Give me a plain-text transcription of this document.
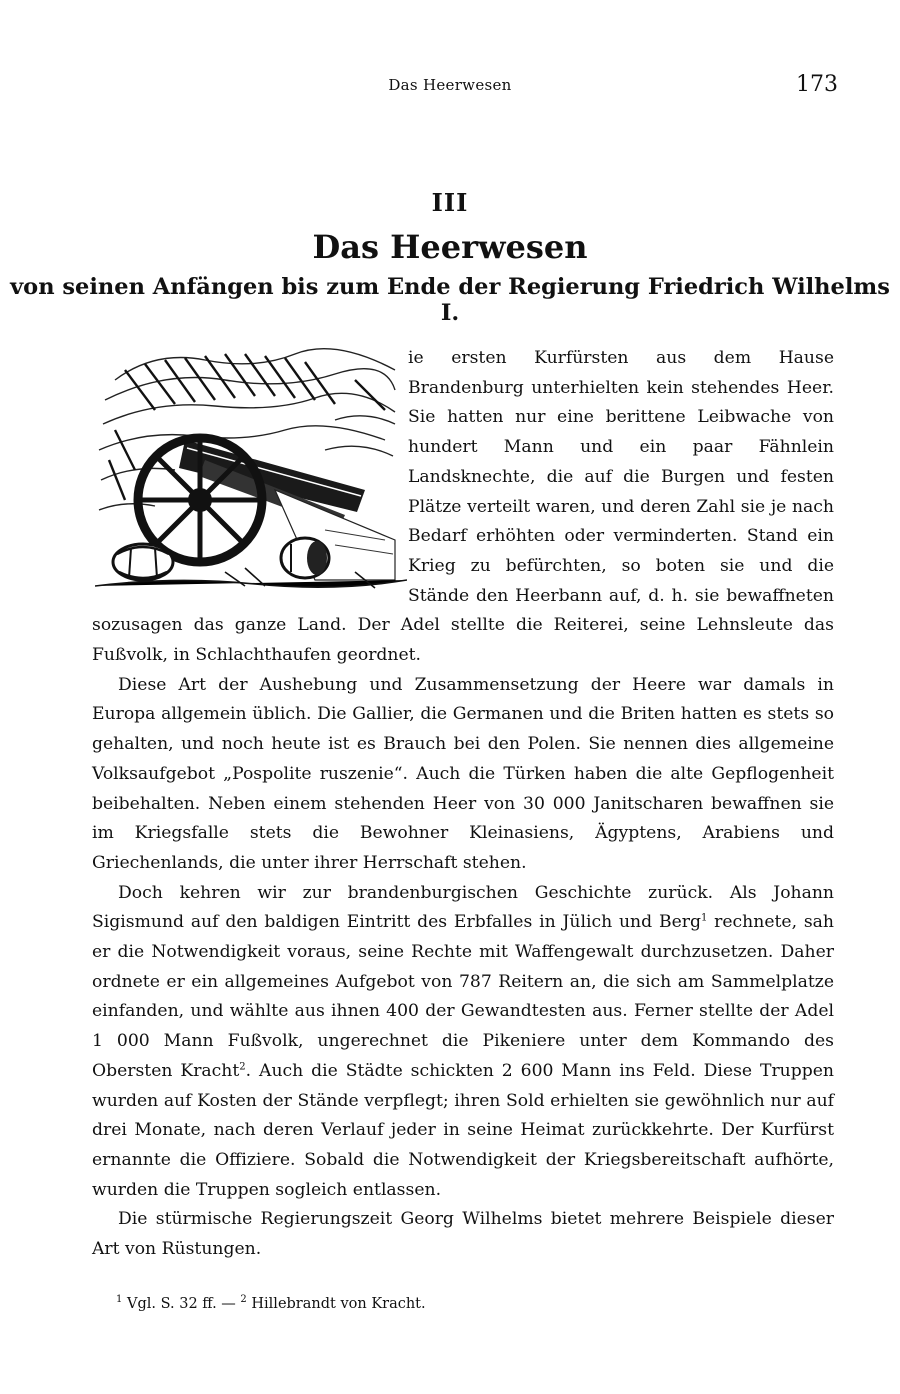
Das Heerwesen	173
III
Das Heerwesen
von seinen Anfängen bis zum Ende der Regierung Friedrich Wilhelms I.

ie ersten Kurfürsten aus dem Hause Brandenburg unterhielten kein stehendes Heer. Sie hatten nur eine berittene Leibwache von hundert Mann und ein paar Fähnlein Landsknechte, die auf die Burgen und festen Plätze verteilt waren, und deren Zahl sie je nach Bedarf erhöhten oder verminderten. Stand ein Krieg zu befürchten, so boten sie und die Stände den Heerbann auf, d. h. sie bewaffneten sozusagen das ganze Land. Der Adel stellte die Reiterei, seine Lehnsleute das Fußvolk, in Schlachthaufen geordnet.

Diese Art der Aushebung und Zusammensetzung der Heere war damals in Europa allgemein üblich. Die Gallier, die Germanen und die Briten hatten es stets so gehalten, und noch heute ist es Brauch bei den Polen. Sie nennen dies allgemeine Volksaufgebot „Pospolite ruszenie“. Auch die Türken haben die alte Gepflogenheit beibehalten. Neben einem stehenden Heer von 30 000 Janitscharen bewaffnen sie im Kriegsfalle stets die Bewohner Kleinasiens, Ägyptens, Arabiens und Griechenlands, die unter ihrer Herrschaft stehen.

Doch kehren wir zur brandenburgischen Geschichte zurück. Als Johann Sigismund auf den baldigen Eintritt des Erbfalles in Jülich und Berg$^1$ rechnete, sah er die Notwendigkeit voraus, seine Rechte mit Waffengewalt durchzusetzen. Daher ordnete er ein allgemeines Aufgebot von 787 Reitern an, die sich am Sammelplatze einfanden, und wählte aus ihnen 400 der Gewandtesten aus. Ferner stellte der Adel 1 000 Mann Fußvolk, ungerechnet die Pikeniere unter dem Kommando des Obersten Kracht$^2$. Auch die Städte schickten 2 600 Mann ins Feld. Diese Truppen wurden auf Kosten der Stände verpflegt; ihren Sold erhielten sie gewöhnlich nur auf drei Monate, nach deren Verlauf jeder in seine Heimat zurückkehrte. Der Kurfürst ernannte die Offiziere. Sobald die Notwendigkeit der Kriegsbereitschaft aufhörte, wurden die Truppen sogleich entlassen.

Die stürmische Regierungszeit Georg Wilhelms bietet mehrere Beispiele dieser Art von Rüstungen.

$^1$ Vgl. S. 32 ff. — $^2$ Hillebrandt von Kracht.
